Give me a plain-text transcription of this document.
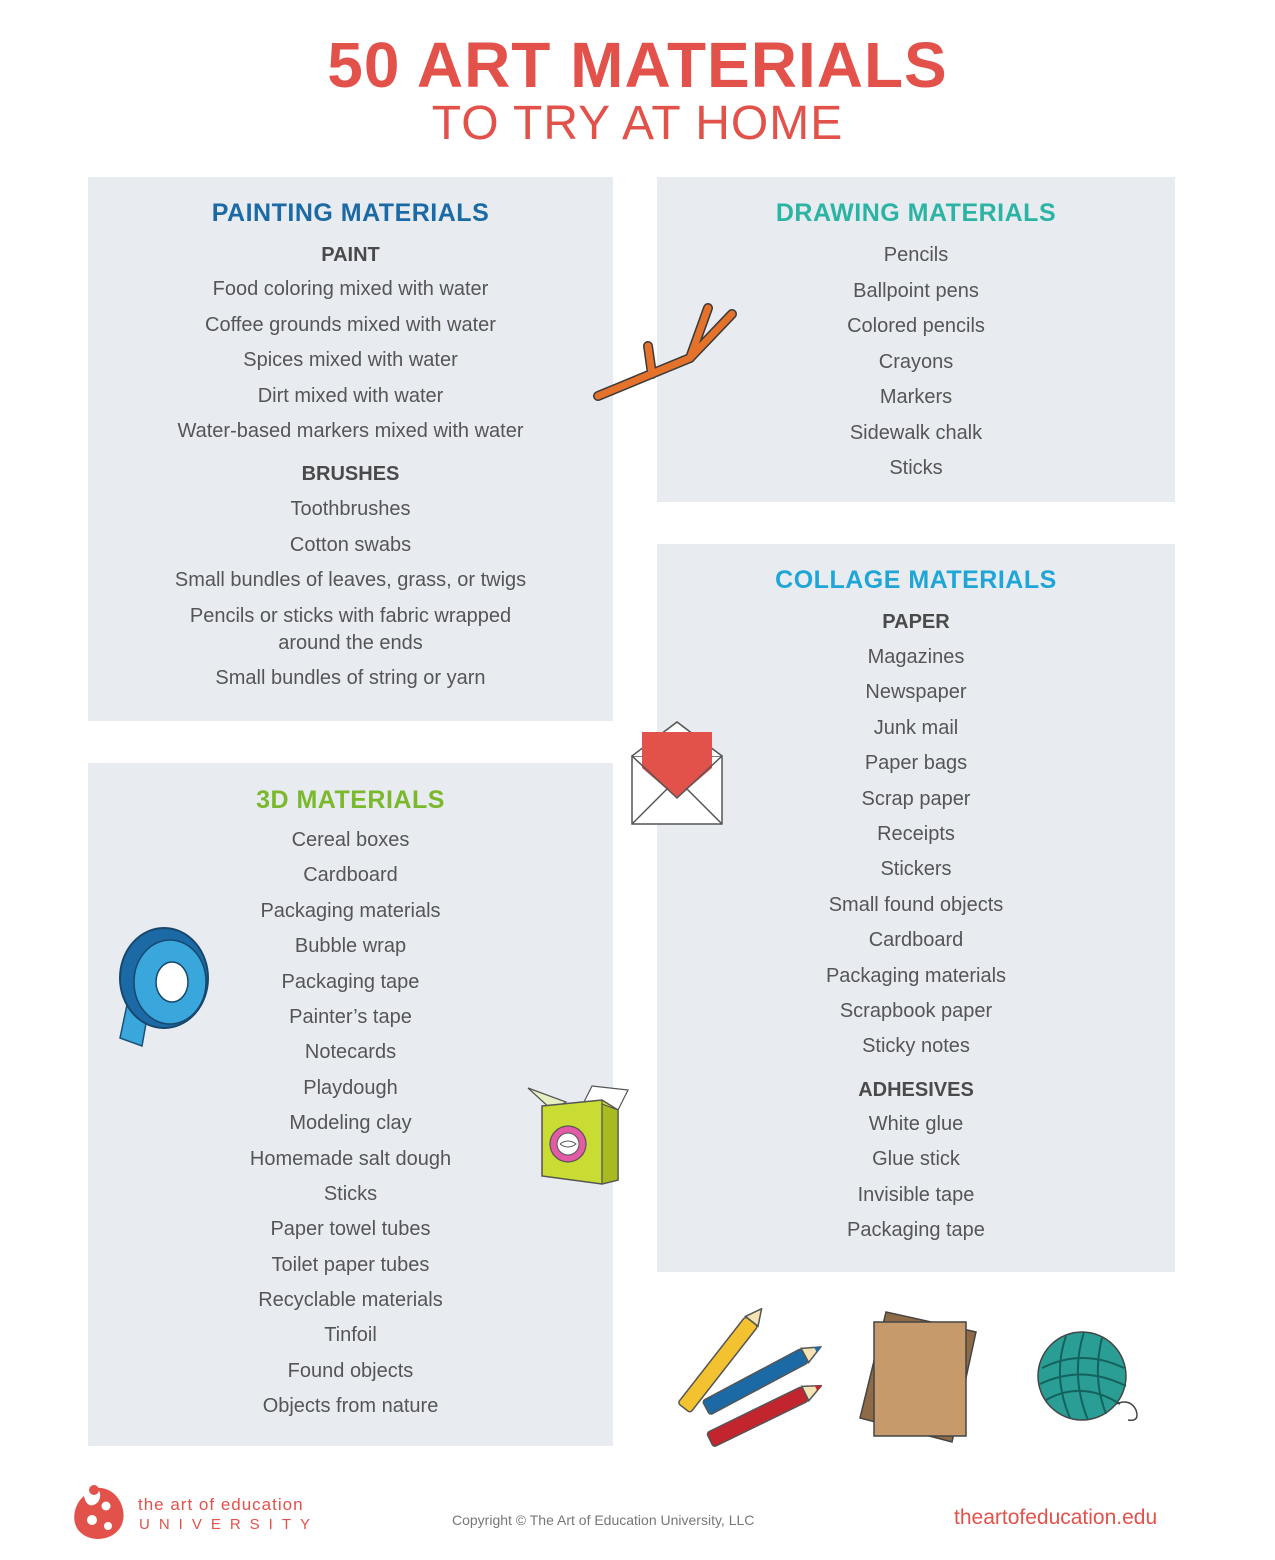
50 ART MATERIALS
TO TRY AT HOME
PAINTING MATERIALS
PAINT
Food coloring mixed with water
Coffee grounds mixed with water
Spices mixed with water
Dirt mixed with water
Water-based markers mixed with water
BRUSHES
Toothbrushes
Cotton swabs
Small bundles of leaves, grass, or twigs
Pencils or sticks with fabric wrapped
around the ends
Small bundles of string or yarn
DRAWING MATERIALS
Pencils
Ballpoint pens
Colored pencils
Crayons
Markers
Sidewalk chalk
Sticks
COLLAGE MATERIALS
PAPER
Magazines
Newspaper
Junk mail
Paper bags
Scrap paper
Receipts
Stickers
Small found objects
Cardboard
Packaging materials
Scrapbook paper
Sticky notes
ADHESIVES
White glue
Glue stick
Invisible tape
Packaging tape
3D MATERIALS
Cereal boxes
Cardboard
Packaging materials
Bubble wrap
Packaging tape
Painter’s tape
Notecards
Playdough
Modeling clay
Homemade salt dough
Sticks
Paper towel tubes
Toilet paper tubes
Recyclable materials
Tinfoil
Found objects
Objects from nature
the art of education
UNIVERSITY	Copyright © The Art of Education University, LLC	theartofeducation.edu
